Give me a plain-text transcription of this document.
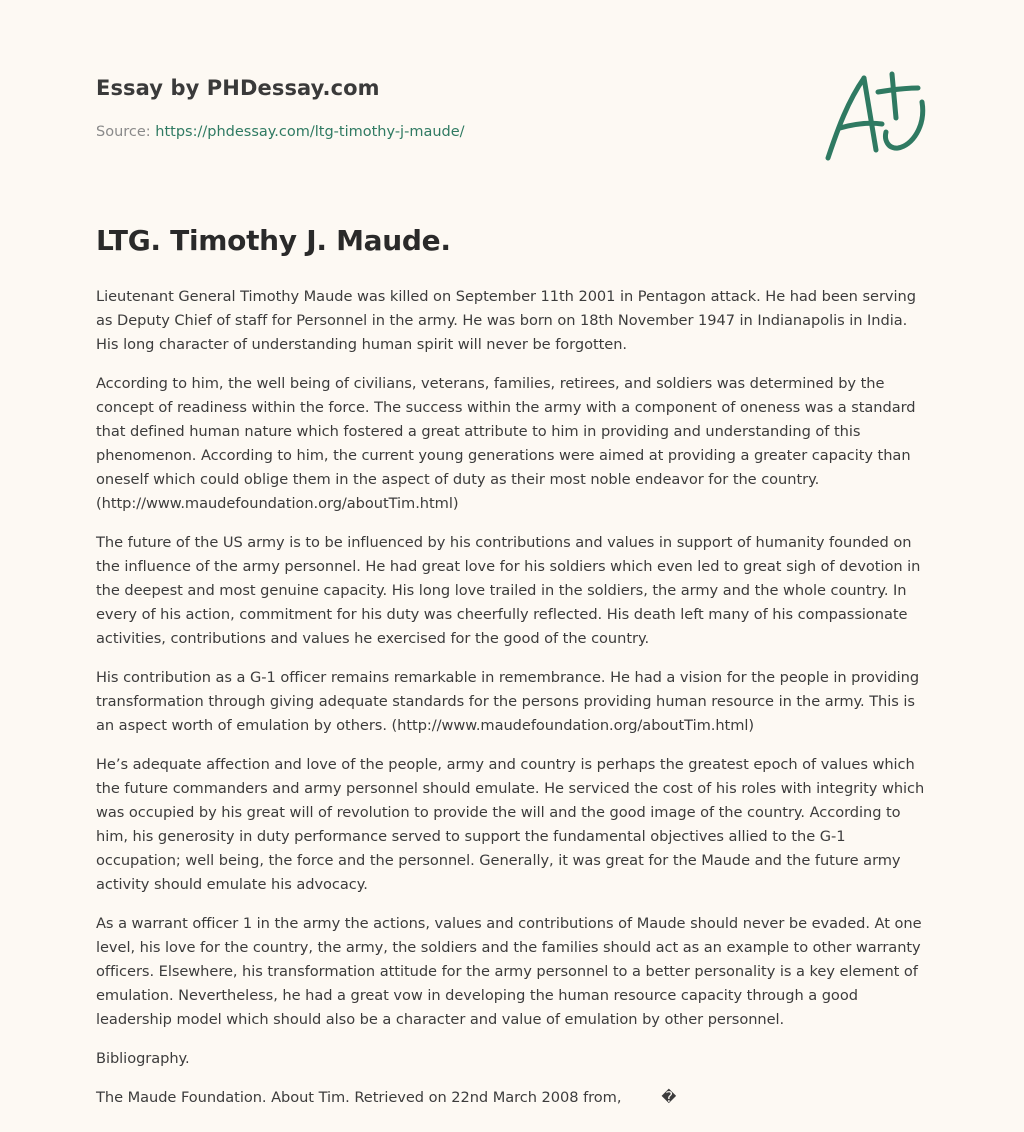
Essay by PHDessay.com

Source: https://phdessay.com/ltg-timothy-j-maude/

LTG. Timothy J. Maude.

Lieutenant General Timothy Maude was killed on September 11th 2001 in Pentagon attack. He had been serving as Deputy Chief of staff for Personnel in the army. He was born on 18th November 1947 in Indianapolis in India. His long character of understanding human spirit will never be forgotten.

According to him, the well being of civilians, veterans, families, retirees, and soldiers was determined by the concept of readiness within the force. The success within the army with a component of oneness was a standard that defined human nature which fostered a great attribute to him in providing and understanding of this phenomenon. According to him, the current young generations were aimed at providing a greater capacity than oneself which could oblige them in the aspect of duty as their most noble endeavor for the country. (http://www.maudefoundation.org/aboutTim.html)

The future of the US army is to be influenced by his contributions and values in support of humanity founded on the influence of the army personnel. He had great love for his soldiers which even led to great sigh of devotion in the deepest and most genuine capacity. His long love trailed in the soldiers, the army and the whole country. In every of his action, commitment for his duty was cheerfully reflected. His death left many of his compassionate activities, contributions and values he exercised for the good of the country.

His contribution as a G-1 officer remains remarkable in remembrance. He had a vision for the people in providing transformation through giving adequate standards for the persons providing human resource in the army. This is an aspect worth of emulation by others. (http://www.maudefoundation.org/aboutTim.html)

He’s adequate affection and love of the people, army and country is perhaps the greatest epoch of values which the future commanders and army personnel should emulate. He serviced the cost of his roles with integrity which was occupied by his great will of revolution to provide the will and the good image of the country. According to him, his generosity in duty performance served to support the fundamental objectives allied to the G-1 occupation; well being, the force and the personnel. Generally, it was great for the Maude and the future army activity should emulate his advocacy.

As a warrant officer 1 in the army the actions, values and contributions of Maude should never be evaded. At one level, his love for the country, the army, the soldiers and the families should act as an example to other warranty officers. Elsewhere, his transformation attitude for the army personnel to a better personality is a key element of emulation. Nevertheless, he had a great vow in developing the human resource capacity through a good leadership model which should also be a character and value of emulation by other personnel.

Bibliography.

The Maude Foundation. About Tim. Retrieved on 22nd March 2008 from,	�
